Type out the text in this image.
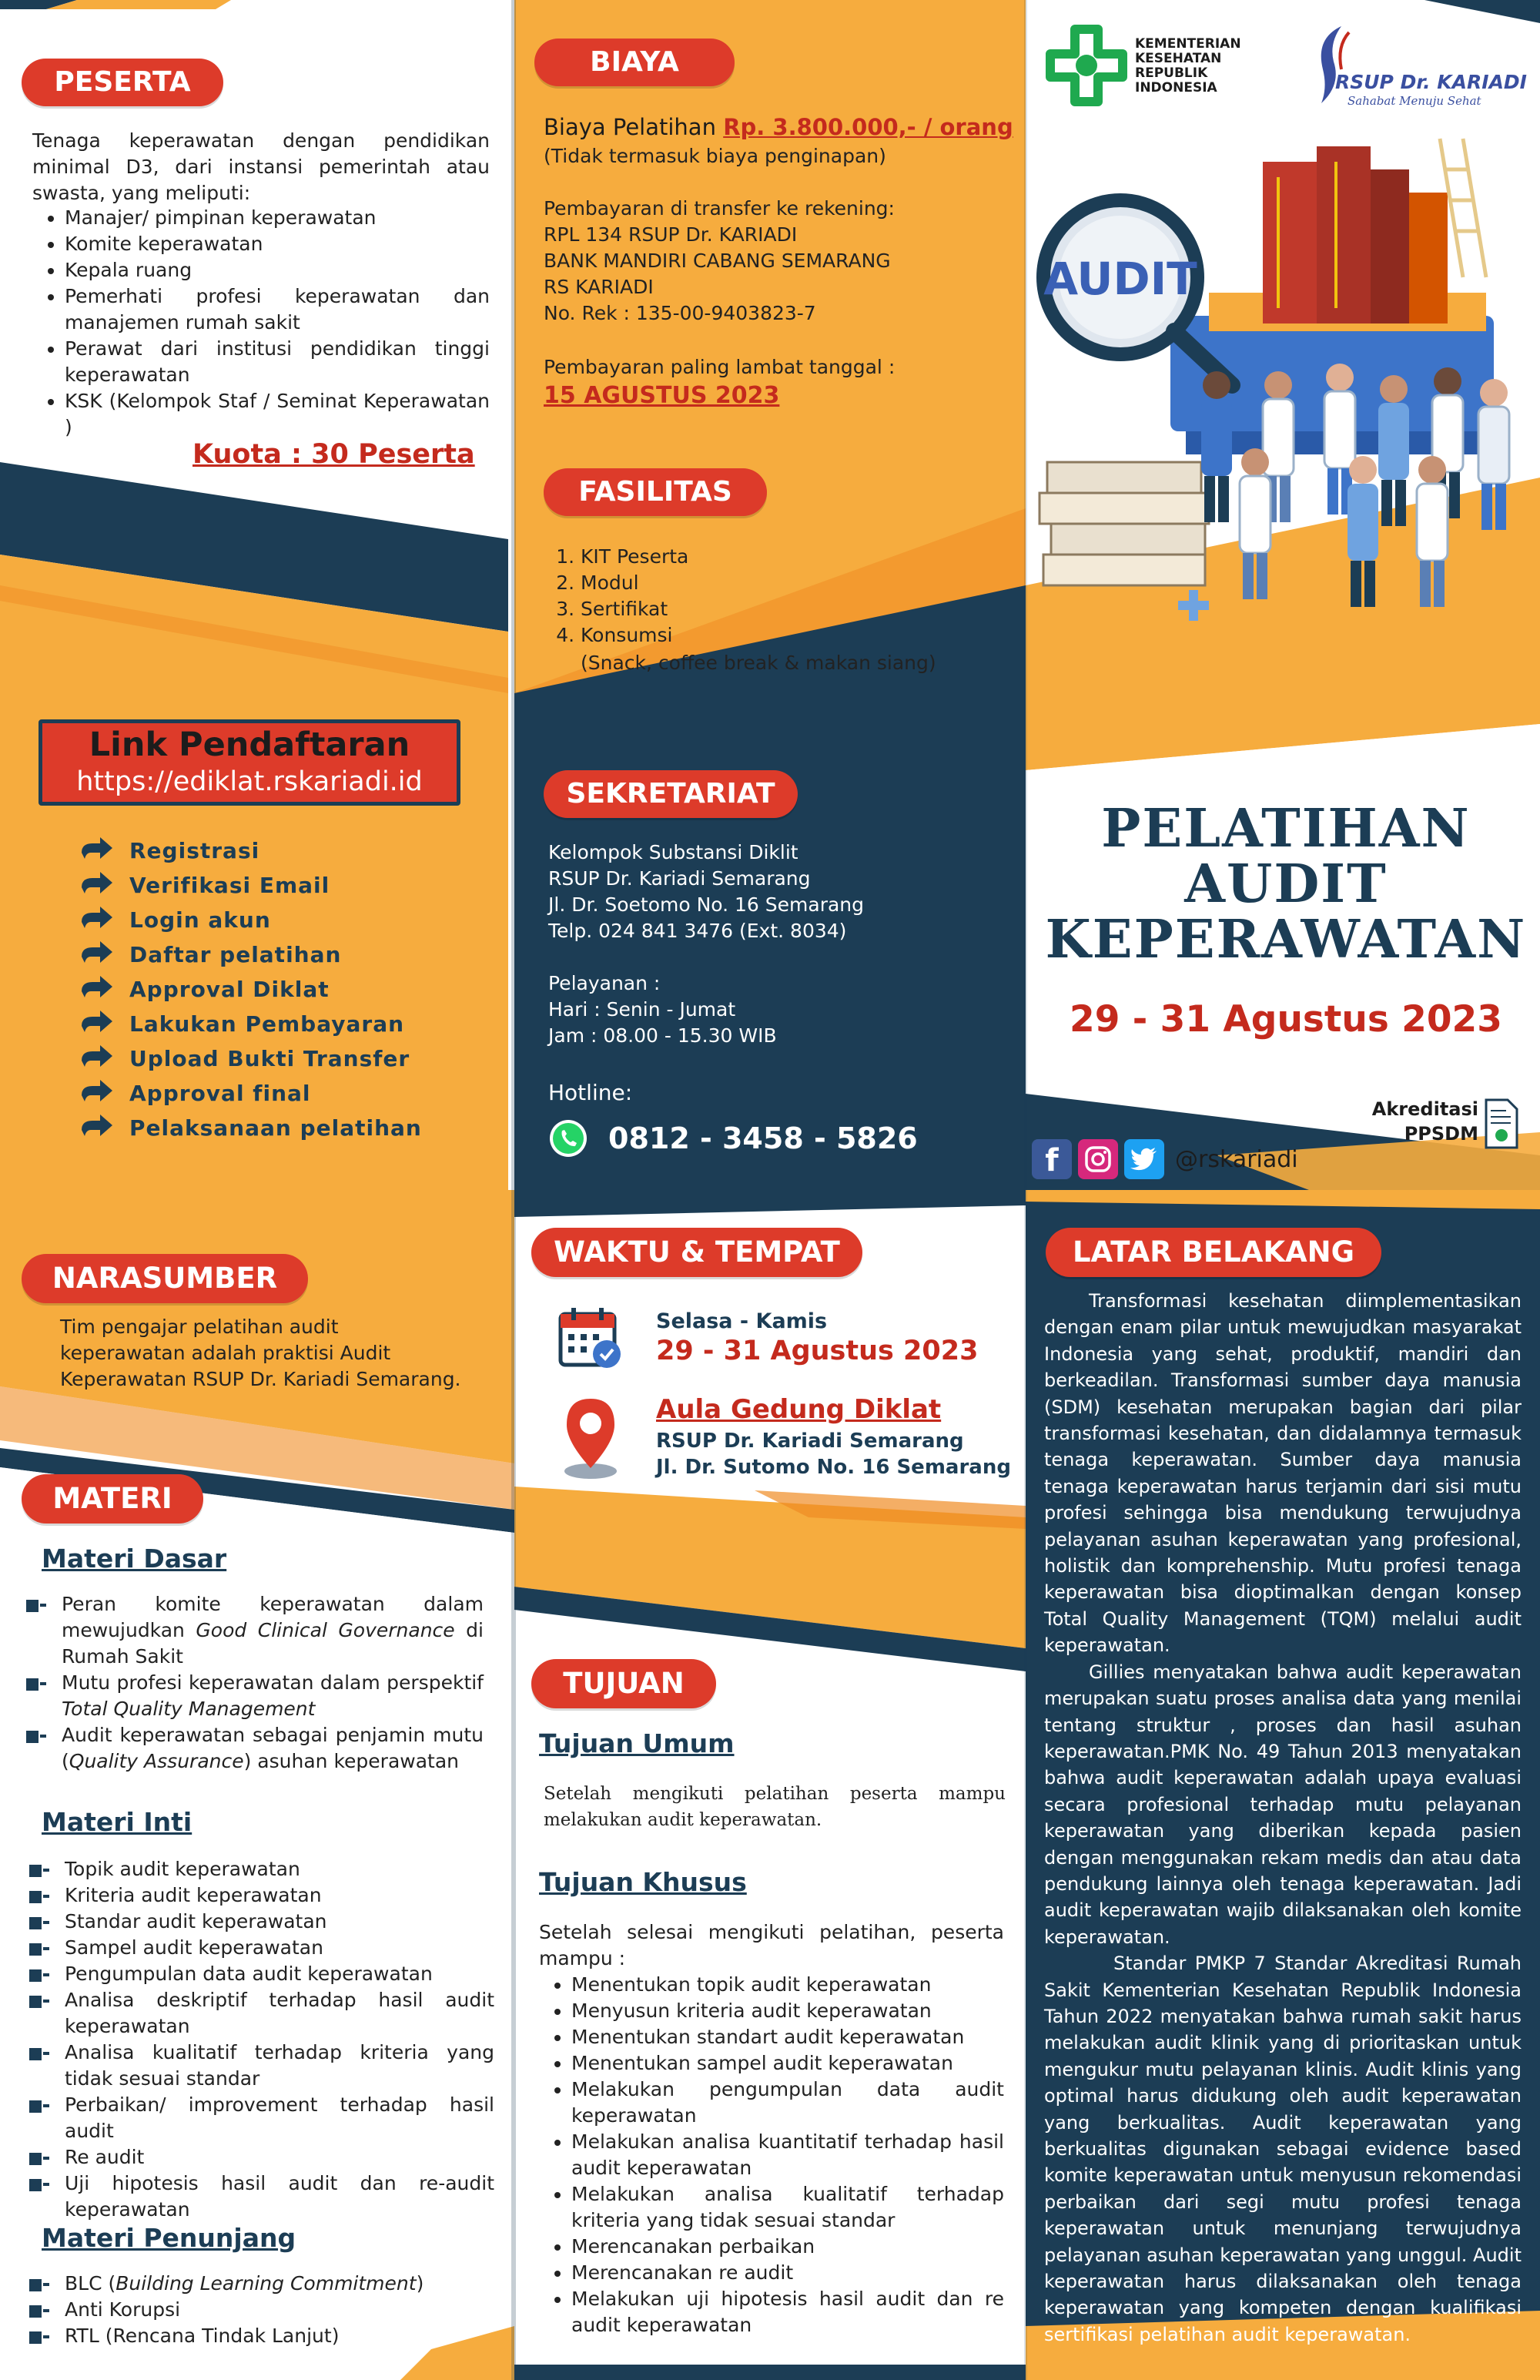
PESERTA
Tenaga keperawatan dengan pendidikan minimal D3, dari instansi pemerintah atau swasta, yang meliputi:
• Manajer/ pimpinan keperawatan
• Komite keperawatan
• Kepala ruang
• Pemerhati profesi keperawatan dan manajemen rumah sakit
• Perawat dari institusi pendidikan tinggi keperawatan
• KSK (Kelompok Staf / Seminat Keperawatan )
Kuota : 30 Peserta
Link Pendaftaran
https://ediklat.rskariadi.id
Registrasi
Verifikasi Email
Login akun
Daftar pelatihan
Approval Diklat
Lakukan Pembayaran
Upload Bukti Transfer
Approval final
Pelaksanaan pelatihan
BIAYA
Biaya Pelatihan Rp. 3.800.000,- / orang
(Tidak termasuk biaya penginapan)
Pembayaran di transfer ke rekening:
RPL 134 RSUP Dr. KARIADI
BANK MANDIRI CABANG SEMARANG
RS KARIADI
No. Rek : 135-00-9403823-7
Pembayaran paling lambat tanggal :
15 AGUSTUS 2023
FASILITAS
1. KIT Peserta
2. Modul
3. Sertifikat
4. Konsumsi
(Snack, coffee break & makan siang)
SEKRETARIAT
Kelompok Substansi Diklit
RSUP Dr. Kariadi Semarang
Jl. Dr. Soetomo No. 16 Semarang
Telp. 024 841 3476 (Ext. 8034)
Pelayanan :
Hari : Senin - Jumat
Jam : 08.00 - 15.30 WIB
Hotline:
0812 - 3458 - 5826
KEMENTERIAN
KESEHATAN
REPUBLIK
INDONESIA	RSUP Dr. KARIADI
Sahabat Menuju Sehat
AUDIT
PELATIHAN
AUDIT
KEPERAWATAN
29 - 31 Agustus 2023
Akreditasi
PPSDM
f	@rskariadi
NARASUMBER
Tim pengajar pelatihan audit keperawatan adalah praktisi Audit Keperawatan RSUP Dr. Kariadi Semarang.
MATERI
Materi Dasar
Peran komite keperawatan dalam mewujudkan Good Clinical Governance di Rumah Sakit
Mutu profesi keperawatan dalam perspektif Total Quality Management
Audit keperawatan sebagai penjamin mutu (Quality Assurance) asuhan keperawatan
Materi Inti
Topik audit keperawatan
Kriteria audit keperawatan
Standar audit keperawatan
Sampel audit keperawatan
Pengumpulan data audit keperawatan
Analisa deskriptif terhadap hasil audit keperawatan
Analisa kualitatif terhadap kriteria yang tidak sesuai standar
Perbaikan/ improvement terhadap hasil audit
Re audit
Uji hipotesis hasil audit dan re-audit keperawatan
Materi Penunjang
BLC (Building Learning Commitment)
Anti Korupsi
RTL (Rencana Tindak Lanjut)
WAKTU & TEMPAT
Selasa - Kamis
29 - 31 Agustus 2023
Aula Gedung Diklat
RSUP Dr. Kariadi Semarang
Jl. Dr. Sutomo No. 16 Semarang
TUJUAN
Tujuan Umum
Setelah mengikuti pelatihan peserta mampu melakukan audit keperawatan.
Tujuan Khusus
Setelah selesai mengikuti pelatihan, peserta mampu :
• Menentukan topik audit keperawatan
• Menyusun kriteria audit keperawatan
• Menentukan standart audit keperawatan
• Menentukan sampel audit keperawatan
• Melakukan pengumpulan data audit keperawatan
• Melakukan analisa kuantitatif terhadap hasil audit keperawatan
• Melakukan analisa kualitatif terhadap kriteria yang tidak sesuai standar
• Merencanakan perbaikan
• Merencanakan re audit
• Melakukan uji hipotesis hasil audit dan re audit keperawatan
LATAR BELAKANG

Transformasi kesehatan diimplementasikan dengan enam pilar untuk mewujudkan masyarakat Indonesia yang sehat, produktif, mandiri dan berkeadilan. Transformasi sumber daya manusia (SDM) kesehatan merupakan bagian dari pilar transformasi kesehatan, dan didalamnya termasuk tenaga keperawatan. Sumber daya manusia tenaga keperawatan harus terjamin dari sisi mutu profesi sehingga bisa mendukung terwujudnya pelayanan asuhan keperawatan yang profesional, holistik dan komprehenship. Mutu profesi tenaga keperawatan bisa dioptimalkan dengan konsep Total Quality Management (TQM) melalui audit keperawatan.

Gillies menyatakan bahwa audit keperawatan merupakan suatu proses analisa data yang menilai tentang struktur , proses dan hasil asuhan keperawatan.PMK No. 49 Tahun 2013 menyatakan bahwa audit keperawatan adalah upaya evaluasi secara profesional terhadap mutu pelayanan keperawatan yang diberikan kepada pasien dengan menggunakan rekam medis dan atau data pendukung lainnya oleh tenaga keperawatan. Jadi audit keperawatan wajib dilaksanakan oleh komite keperawatan.

Standar PMKP 7 Standar Akreditasi Rumah Sakit Kementerian Kesehatan Republik Indonesia Tahun 2022 menyatakan bahwa rumah sakit harus melakukan audit klinik yang di prioritaskan untuk mengukur mutu pelayanan klinis. Audit klinis yang optimal harus didukung oleh audit keperawatan yang berkualitas. Audit keperawatan yang berkualitas digunakan sebagai evidence based komite keperawatan untuk menyusun rekomendasi perbaikan dari segi mutu profesi tenaga keperawatan untuk menunjang terwujudnya pelayanan asuhan keperawatan yang unggul. Audit keperawatan harus dilaksanakan oleh tenaga keperawatan yang kompeten dengan kualifikasi sertifikasi pelatihan audit keperawatan.
